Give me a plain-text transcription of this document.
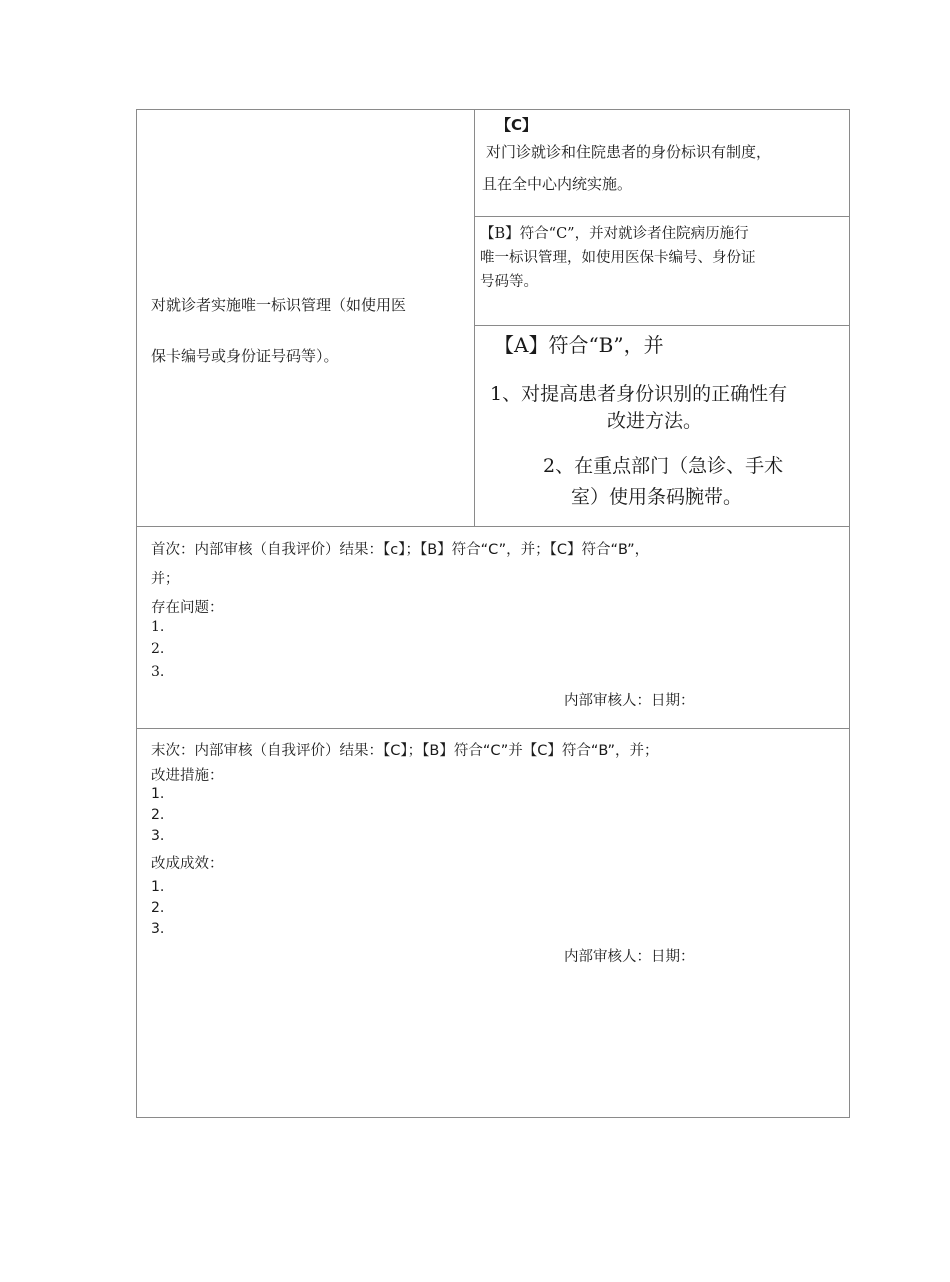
对就诊者实施唯一标识管理（如使用医
保卡编号或身份证号码等）。
【C】
对门诊就诊和住院患者的身份标识有制度，
且在全中心内统实施。
【B】符合“C”，并对就诊者住院病历施行
唯一标识管理，如使用医保卡编号、身份证
号码等。
【A】符合“B”，并
1、对提高患者身份识别的正确性有
改进方法。
2、在重点部门（急诊、手术
室）使用条码腕带。
首次：内部审核（自我评价）结果：【c】；【B】符合“C”，并；【C】符合“B”，
并；
存在问题：
1.
2.
3.
内部审核人：日期：
末次：内部审核（自我评价）结果：【C】；【B】符合“C”并【C】符合“B”，并；
改进措施：
1.
2.
3.
改成成效：
1.
2.
3.
内部审核人：日期：
